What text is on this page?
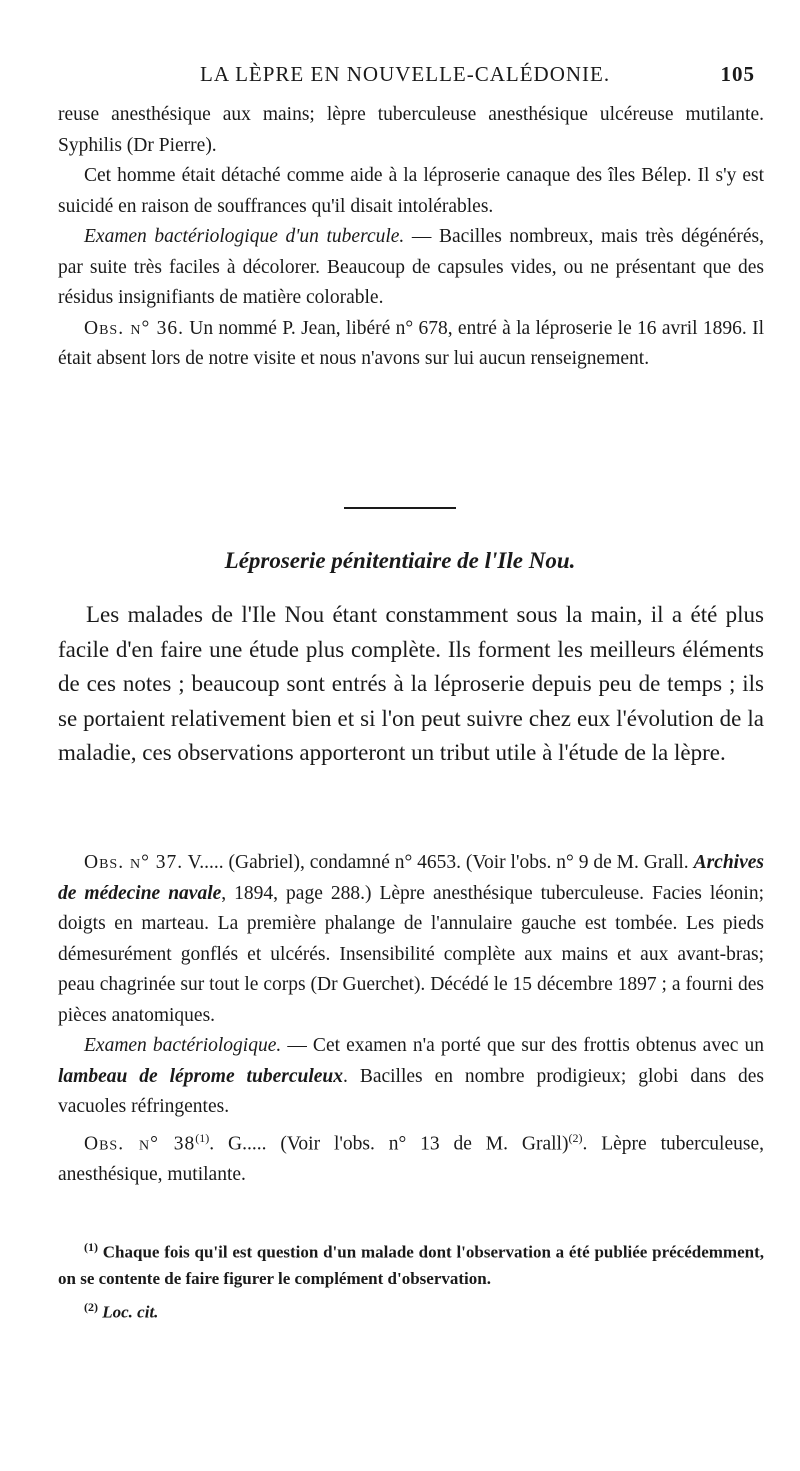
LA LÈPRE EN NOUVELLE-CALÉDONIE.	105

reuse anesthésique aux mains; lèpre tuberculeuse anesthésique ulcéreuse mutilante. Syphilis (Dr Pierre).

Cet homme était détaché comme aide à la léproserie canaque des îles Bélep. Il s'y est suicidé en raison de souffrances qu'il disait intolérables.

Examen bactériologique d'un tubercule. — Bacilles nombreux, mais très dégénérés, par suite très faciles à décolorer. Beaucoup de capsules vides, ou ne présentant que des résidus insignifiants de matière colorable.

Obs. n° 36. Un nommé P. Jean, libéré n° 678, entré à la léproserie le 16 avril 1896. Il était absent lors de notre visite et nous n'avons sur lui aucun renseignement.

Léproserie pénitentiaire de l'Ile Nou.

Les malades de l'Ile Nou étant constamment sous la main, il a été plus facile d'en faire une étude plus complète. Ils forment les meilleurs éléments de ces notes ; beaucoup sont entrés à la léproserie depuis peu de temps ; ils se portaient relativement bien et si l'on peut suivre chez eux l'évolution de la maladie, ces observations apporteront un tribut utile à l'étude de la lèpre.

Obs. n° 37. V..... (Gabriel), condamné n° 4653. (Voir l'obs. n° 9 de M. Grall. Archives de médecine navale, 1894, page 288.) Lèpre anesthésique tuberculeuse. Facies léonin; doigts en marteau. La première phalange de l'annulaire gauche est tombée. Les pieds démesurément gonflés et ulcérés. Insensibilité complète aux mains et aux avant-bras; peau chagrinée sur tout le corps (Dr Guerchet). Décédé le 15 décembre 1897 ; a fourni des pièces anatomiques.

Examen bactériologique. — Cet examen n'a porté que sur des frottis obtenus avec un lambeau de léprome tuberculeux. Bacilles en nombre prodigieux; globi dans des vacuoles réfringentes.

Obs. n° 38$^{(1)}$. G..... (Voir l'obs. n° 13 de M. Grall)$^{(2)}$. Lèpre tuberculeuse, anesthésique, mutilante.

$^{(1)}$ Chaque fois qu'il est question d'un malade dont l'observation a été publiée précédemment, on se contente de faire figurer le complément d'observation.

$^{(2)}$ Loc. cit.
